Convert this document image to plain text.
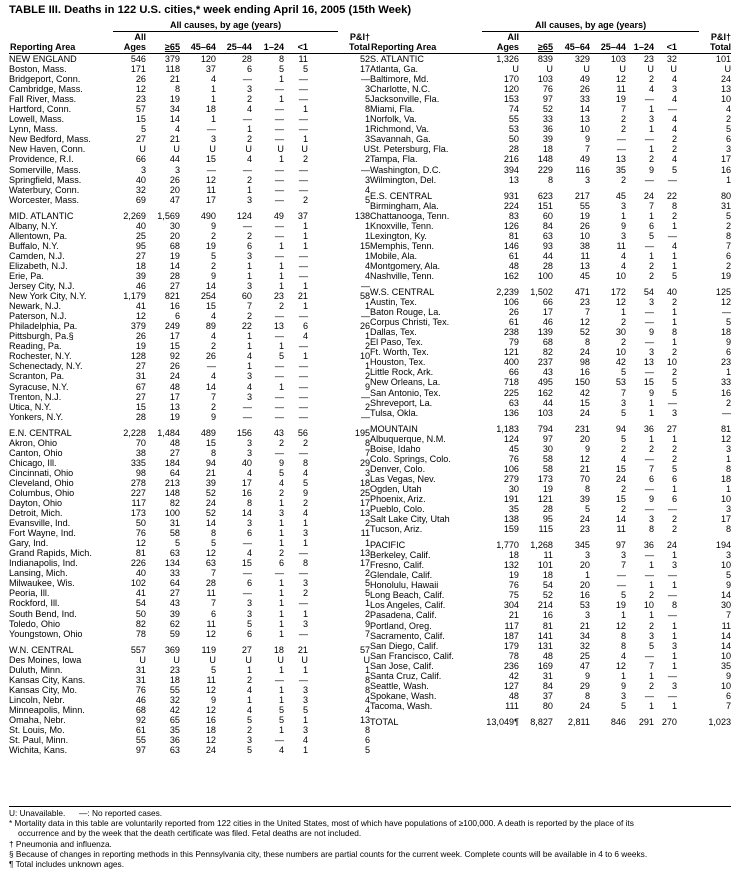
TABLE III. Deaths in 122 U.S. cities,* week ending April 16, 2005 (15th Week)
	All causes, by age (years)							
Reporting Area	All
Ages	≥65	45–64	25–44	1–24	<1	P&I†
Total	
NEW ENGLAND	546	379	120	28	8	11	52	
Boston, Mass.	171	118	37	6	5	5	17	
Bridgeport, Conn.	26	21	4	—	1	—	—	
Cambridge, Mass.	12	8	1	3	—	—	3	
Fall River, Mass.	23	19	1	2	1	—	5	
Hartford, Conn.	57	34	18	4	—	1	8	
Lowell, Mass.	15	14	1	—	—	—	1	
Lynn, Mass.	5	4	—	1	—	—	1	
New Bedford, Mass.	27	21	3	2	—	1	3	
New Haven, Conn.	U	U	U	U	U	U	U	
Providence, R.I.	66	44	15	4	1	2	2	
Somerville, Mass.	3	3	—	—	—	—	—	
Springfield, Mass.	40	26	12	2	—	—	3	
Waterbury, Conn.	32	20	11	1	—	—	4	
Worcester, Mass.	69	47	17	3	—	2	5	

MID. ATLANTIC	2,269	1,569	490	124	49	37	138	
Albany, N.Y.	40	30	9	—	—	1	1	
Allentown, Pa.	25	20	2	2	—	1	1	
Buffalo, N.Y.	95	68	19	6	1	1	15	
Camden, N.J.	27	19	5	3	—	—	1	
Elizabeth, N.J.	18	14	2	1	1	—	4	
Erie, Pa.	39	28	9	1	1	—	4	
Jersey City, N.J.	46	27	14	3	1	1	—	
New York City, N.Y.	1,179	821	254	60	23	21	58	
Newark, N.J.	41	16	15	7	2	1	1	
Paterson, N.J.	12	6	4	2	—	—	—	
Philadelphia, Pa.	379	249	89	22	13	6	26	
Pittsburgh, Pa.§	26	17	4	1	—	4	1	
Reading, Pa.	19	15	2	1	1	—	2	
Rochester, N.Y.	128	92	26	4	5	1	10	
Schenectady, N.Y.	27	26	—	1	—	—	1	
Scranton, Pa.	31	24	4	3	—	—	2	
Syracuse, N.Y.	67	48	14	4	1	—	9	
Trenton, N.J.	27	17	7	3	—	—	—	
Utica, N.Y.	15	13	2	—	—	—	2	
Yonkers, N.Y.	28	19	9	—	—	—	—	

E.N. CENTRAL	2,228	1,484	489	156	43	56	195	
Akron, Ohio	70	48	15	3	2	2	8	
Canton, Ohio	38	27	8	3	—	—	7	
Chicago, Ill.	335	184	94	40	9	8	29	
Cincinnati, Ohio	98	64	21	4	5	4	3	
Cleveland, Ohio	278	213	39	17	4	5	18	
Columbus, Ohio	227	148	52	16	2	9	25	
Dayton, Ohio	117	82	24	8	1	2	17	
Detroit, Mich.	173	100	52	14	3	4	13	
Evansville, Ind.	50	31	14	3	1	1	2	
Fort Wayne, Ind.	76	58	8	6	1	3	11	
Gary, Ind.	12	5	5	—	1	1	1	
Grand Rapids, Mich.	81	63	12	4	2	—	13	
Indianapolis, Ind.	226	134	63	15	6	8	17	
Lansing, Mich.	40	33	7	—	—	—	2	
Milwaukee, Wis.	102	64	28	6	1	3	5	
Peoria, Ill.	41	27	11	—	1	2	5	
Rockford, Ill.	54	43	7	3	1	—	1	
South Bend, Ind.	50	39	6	3	1	1	2	
Toledo, Ohio	82	62	11	5	1	3	9	
Youngstown, Ohio	78	59	12	6	1	—	7	

W.N. CENTRAL	557	369	119	27	18	21	57	
Des Moines, Iowa	U	U	U	U	U	U	U	
Duluth, Minn.	31	23	5	1	1	1	1	
Kansas City, Kans.	31	18	11	2	—	—	8	
Kansas City, Mo.	76	55	12	4	1	3	8	
Lincoln, Nebr.	46	32	9	1	1	3	4	
Minneapolis, Minn.	68	42	12	4	5	5	4	
Omaha, Nebr.	92	65	16	5	5	1	13	
St. Louis, Mo.	61	35	18	2	1	3	8	
St. Paul, Minn.	55	36	12	3	—	4	6	
Wichita, Kans.	97	63	24	5	4	1	5	
	All causes, by age (years)							
Reporting Area	All
Ages	≥65	45–64	25–44	1–24	<1	P&I†
Total	
S. ATLANTIC	1,326	839	329	103	23	32	101	
Atlanta, Ga.	U	U	U	U	U	U	U	
Baltimore, Md.	170	103	49	12	2	4	24	
Charlotte, N.C.	120	76	26	11	4	3	13	
Jacksonville, Fla.	153	97	33	19	—	4	10	
Miami, Fla.	74	52	14	7	1	—	4	
Norfolk, Va.	55	33	13	2	3	4	2	
Richmond, Va.	53	36	10	2	1	4	5	
Savannah, Ga.	50	39	9	—	—	2	6	
St. Petersburg, Fla.	28	18	7	—	1	2	3	
Tampa, Fla.	216	148	49	13	2	4	17	
Washington, D.C.	394	229	116	35	9	5	16	
Wilmington, Del.	13	8	3	2	—	—	1	

E.S. CENTRAL	931	623	217	45	24	22	80	
Birmingham, Ala.	224	151	55	3	7	8	31	
Chattanooga, Tenn.	83	60	19	1	1	2	5	
Knoxville, Tenn.	126	84	26	9	6	1	2	
Lexington, Ky.	81	63	10	3	5	—	8	
Memphis, Tenn.	146	93	38	11	—	4	7	
Mobile, Ala.	61	44	11	4	1	1	6	
Montgomery, Ala.	48	28	13	4	2	1	2	
Nashville, Tenn.	162	100	45	10	2	5	19	

W.S. CENTRAL	2,239	1,502	471	172	54	40	125	
Austin, Tex.	106	66	23	12	3	2	12	
Baton Rouge, La.	26	17	7	1	—	1	—	
Corpus Christi, Tex.	61	46	12	2	—	1	5	
Dallas, Tex.	238	139	52	30	9	8	18	
El Paso, Tex.	79	68	8	2	—	1	9	
Ft. Worth, Tex.	121	82	24	10	3	2	6	
Houston, Tex.	400	237	98	42	13	10	23	
Little Rock, Ark.	66	43	16	5	—	2	1	
New Orleans, La.	718	495	150	53	15	5	33	
San Antonio, Tex.	225	162	42	7	9	5	16	
Shreveport, La.	63	44	15	3	1	—	2	
Tulsa, Okla.	136	103	24	5	1	3	—	

MOUNTAIN	1,183	794	231	94	36	27	81	
Albuquerque, N.M.	124	97	20	5	1	1	12	
Boise, Idaho	45	30	9	2	2	2	3	
Colo. Springs, Colo.	76	58	12	4	—	2	1	
Denver, Colo.	106	58	21	15	7	5	8	
Las Vegas, Nev.	279	173	70	24	6	6	18	
Ogden, Utah	30	19	8	2	—	1	1	
Phoenix, Ariz.	191	121	39	15	9	6	10	
Pueblo, Colo.	35	28	5	2	—	—	3	
Salt Lake City, Utah	138	95	24	14	3	2	17	
Tucson, Ariz.	159	115	23	11	8	2	8	

PACIFIC	1,770	1,268	345	97	36	24	194	
Berkeley, Calif.	18	11	3	3	—	1	3	
Fresno, Calif.	132	101	20	7	1	3	10	
Glendale, Calif.	19	18	1	—	—	—	5	
Honolulu, Hawaii	76	54	20	—	1	1	9	
Long Beach, Calif.	75	52	16	5	2	—	14	
Los Angeles, Calif.	304	214	53	19	10	8	30	
Pasadena, Calif.	21	16	3	1	1	—	7	
Portland, Oreg.	117	81	21	12	2	1	11	
Sacramento, Calif.	187	141	34	8	3	1	14	
San Diego, Calif.	179	131	32	8	5	3	14	
San Francisco, Calif.	78	48	25	4	—	1	10	
San Jose, Calif.	236	169	47	12	7	1	35	
Santa Cruz, Calif.	42	31	9	1	1	—	9	
Seattle, Wash.	127	84	29	9	2	3	10	
Spokane, Wash.	48	37	8	3	—	—	6	
Tacoma, Wash.	111	80	24	5	1	1	7	

TOTAL	13,049¶	8,827	2,811	846	291	270	1,023	
U: Unavailable. —: No reported cases.
* Mortality data in this table are voluntarily reported from 122 cities in the United States, most of which have populations of ≥100,000. A death is reported by the place of its
occurrence and by the week that the death certificate was filed. Fetal deaths are not included.
† Pneumonia and influenza.
§ Because of changes in reporting methods in this Pennsylvania city, these numbers are partial counts for the current week. Complete counts will be available in 4 to 6 weeks.
¶ Total includes unknown ages.
